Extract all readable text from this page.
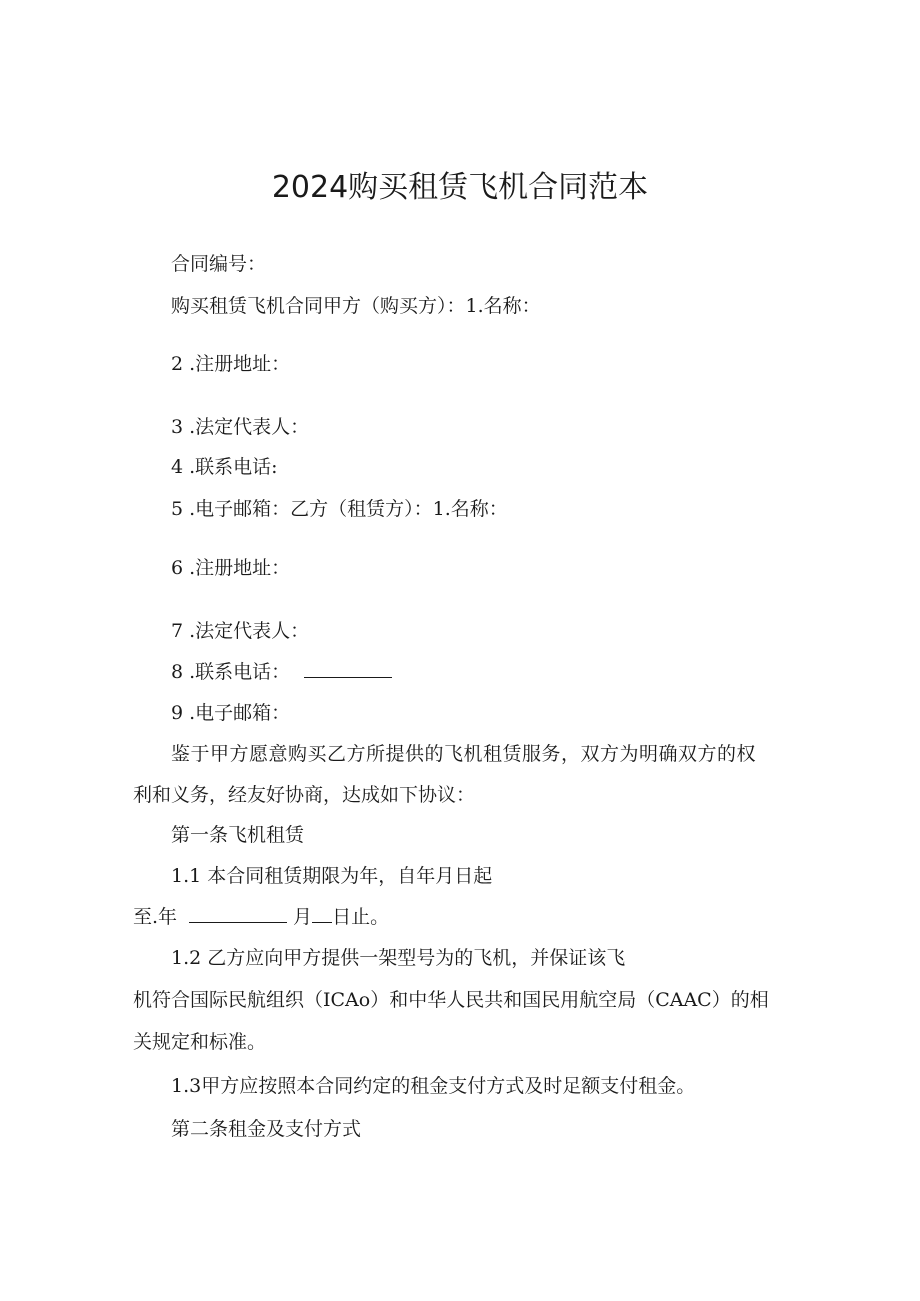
2024购买租赁飞机合同范本
合同编号：
购买租赁飞机合同甲方（购买方）：1.名称：
2 .注册地址：
3 .法定代表人：
4 .联系电话:
5 .电子邮箱：乙方（租赁方）：1.名称：
6 .注册地址：
7 .法定代表人：
8 .联系电话：
9 .电子邮箱：
鉴于甲方愿意购买乙方所提供的飞机租赁服务，双方为明确双方的权
利和义务，经友好协商，达成如下协议：
第一条飞机租赁
1.1 本合同租赁期限为年，自年月日起
至.年	月 日止。
1.2 乙方应向甲方提供一架型号为的飞机，并保证该飞
机符合国际民航组织（ICAo）和中华人民共和国民用航空局（CAAC）的相
关规定和标准。
1.3甲方应按照本合同约定的租金支付方式及时足额支付租金。
第二条租金及支付方式
